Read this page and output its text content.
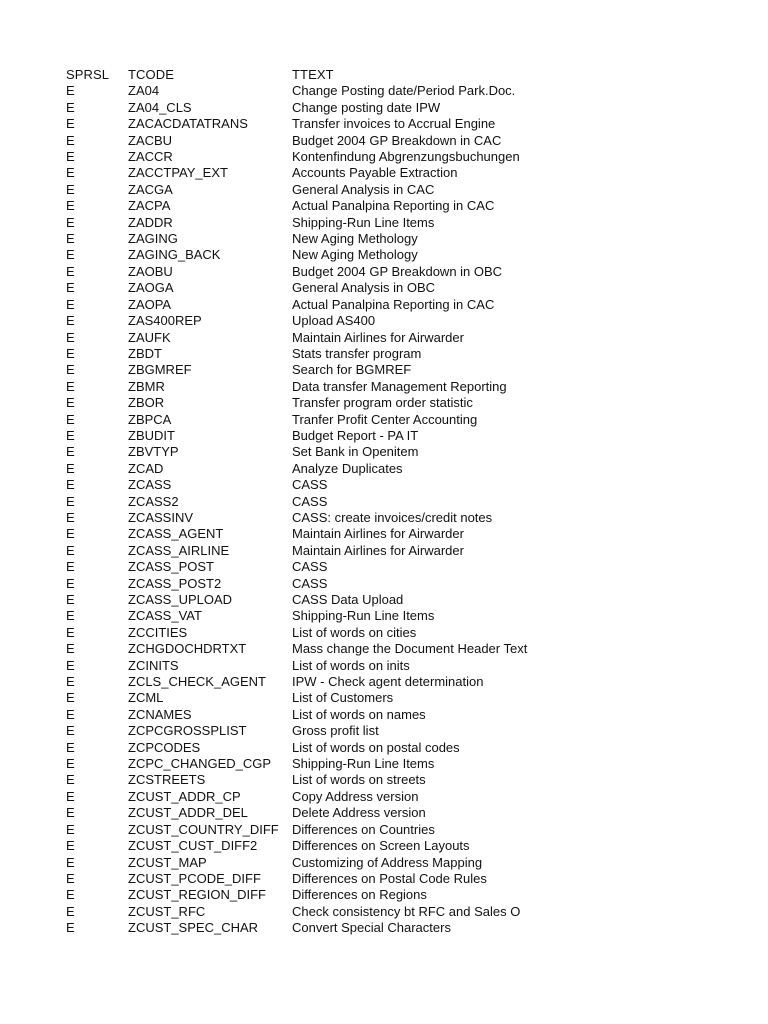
SPRSL TCODE	TTEXT
E	ZA04	Change Posting date/Period Park.Doc.
E	ZA04_CLS	Change posting date IPW
E	ZACACDATATRANS	Transfer invoices to Accrual Engine
E	ZACBU	Budget 2004 GP Breakdown in CAC
E	ZACCR	Kontenfindung Abgrenzungsbuchungen
E	ZACCTPAY_EXT	Accounts Payable Extraction
E	ZACGA	General Analysis in CAC
E	ZACPA	Actual Panalpina Reporting in CAC
E	ZADDR	Shipping-Run Line Items
E	ZAGING	New Aging Methology
E	ZAGING_BACK	New Aging Methology
E	ZAOBU	Budget 2004 GP Breakdown in OBC
E	ZAOGA	General Analysis in OBC
E	ZAOPA	Actual Panalpina Reporting in CAC
E	ZAS400REP	Upload AS400
E	ZAUFK	Maintain Airlines for Airwarder
E	ZBDT	Stats transfer program
E	ZBGMREF	Search for BGMREF
E	ZBMR	Data transfer Management Reporting
E	ZBOR	Transfer program order statistic
E	ZBPCA	Tranfer Profit Center Accounting
E	ZBUDIT	Budget Report - PA IT
E	ZBVTYP	Set Bank in Openitem
E	ZCAD	Analyze Duplicates
E	ZCASS	CASS
E	ZCASS2	CASS
E	ZCASSINV	CASS: create invoices/credit notes
E	ZCASS_AGENT	Maintain Airlines for Airwarder
E	ZCASS_AIRLINE	Maintain Airlines for Airwarder
E	ZCASS_POST	CASS
E	ZCASS_POST2	CASS
E	ZCASS_UPLOAD	CASS Data Upload
E	ZCASS_VAT	Shipping-Run Line Items
E	ZCCITIES	List of words on cities
E	ZCHGDOCHDRTXT	Mass change the Document Header Text
E	ZCINITS	List of words on inits
E	ZCLS_CHECK_AGENT IPW - Check agent determination
E	ZCML	List of Customers
E	ZCNAMES	List of words on names
E	ZCPCGROSSPLIST	Gross profit list
E	ZCPCODES	List of words on postal codes
E	ZCPC_CHANGED_CGP Shipping-Run Line Items
E	ZCSTREETS	List of words on streets
E	ZCUST_ADDR_CP	Copy Address version
E	ZCUST_ADDR_DEL	Delete Address version
E	ZCUST_COUNTRY_DIFF Differences on Countries
E	ZCUST_CUST_DIFF2	Differences on Screen Layouts
E	ZCUST_MAP	Customizing of Address Mapping
E	ZCUST_PCODE_DIFF Differences on Postal Code Rules
E	ZCUST_REGION_DIFF Differences on Regions
E	ZCUST_RFC	Check consistency bt RFC and Sales O
E	ZCUST_SPEC_CHAR	Convert Special Characters
